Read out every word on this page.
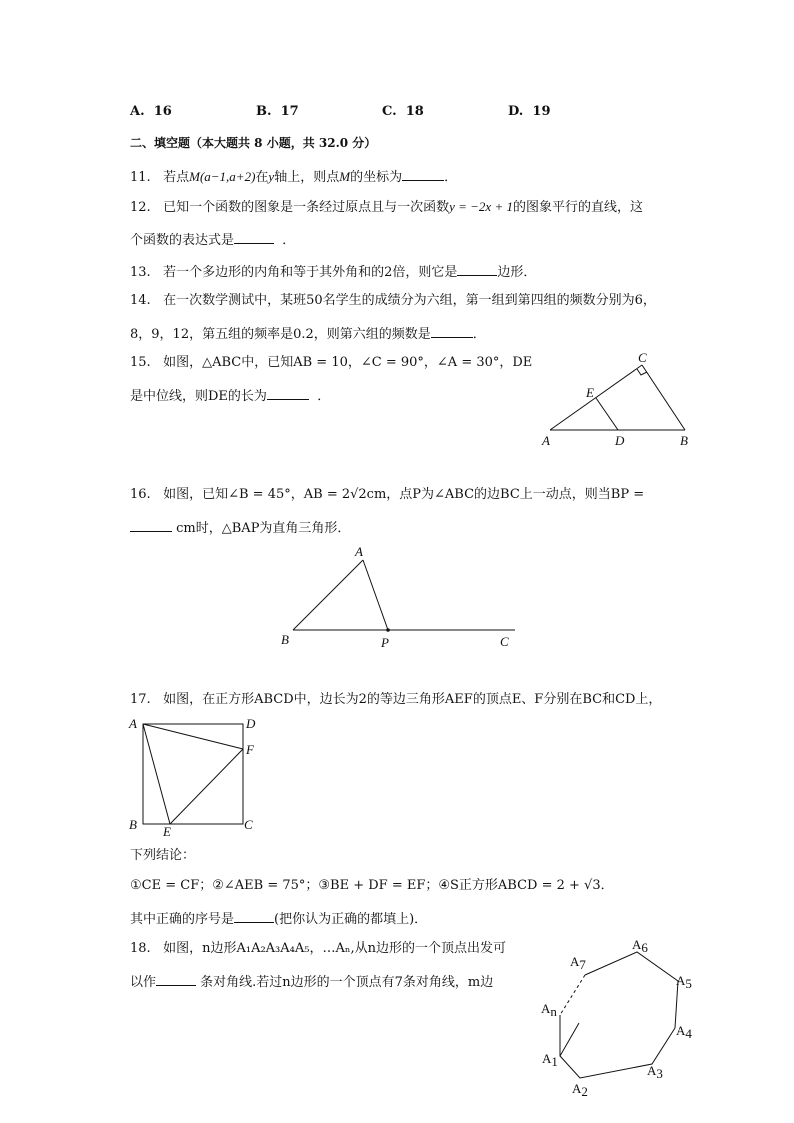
A. 16	B. 17	C. 18	D. 19
二、填空题（本大题共 8 小题，共 32.0 分）
11. 若点M(a−1,a+2)在y轴上，则点M的坐标为	．
12. 已知一个函数的图象是一条经过原点且与一次函数y = −2x + 1的图象平行的直线，这
个函数的表达式是	．
13. 若一个多边形的内角和等于其外角和的2倍，则它是	边形．
14. 在一次数学测试中，某班50名学生的成绩分为六组，第一组到第四组的频数分别为6，
8，9，12，第五组的频率是0.2，则第六组的频数是	．
15. 如图，△ABC中，已知AB = 10，∠C = 90°，∠A = 30°，DE
是中位线，则DE的长为	．
A	B
C
D
E
16. 如图，已知∠B = 45°，AB = 2√2cm，点P为∠ABC的边BC上一动点，则当BP =
cm时，△BAP为直角三角形．
A
B	P	C
17. 如图，在正方形ABCD中，边长为2的等边三角形AEF的顶点E、F分别在BC和CD上，
A	D
F
B E	C
下列结论：
①CE = CF；②∠AEB = 75°；③BE + DF = EF；④S正方形ABCD = 2 + √3．
其中正确的序号是	(把你认为正确的都填上)．
18. 如图，n边形A₁A₂A₃A₄A₅，…Aₙ,从n边形的一个顶点出发可
以作	条对角线.若过n边形的一个顶点有7条对角线，m边
A1
A2
A3
A4
A5
A6
A7
An
